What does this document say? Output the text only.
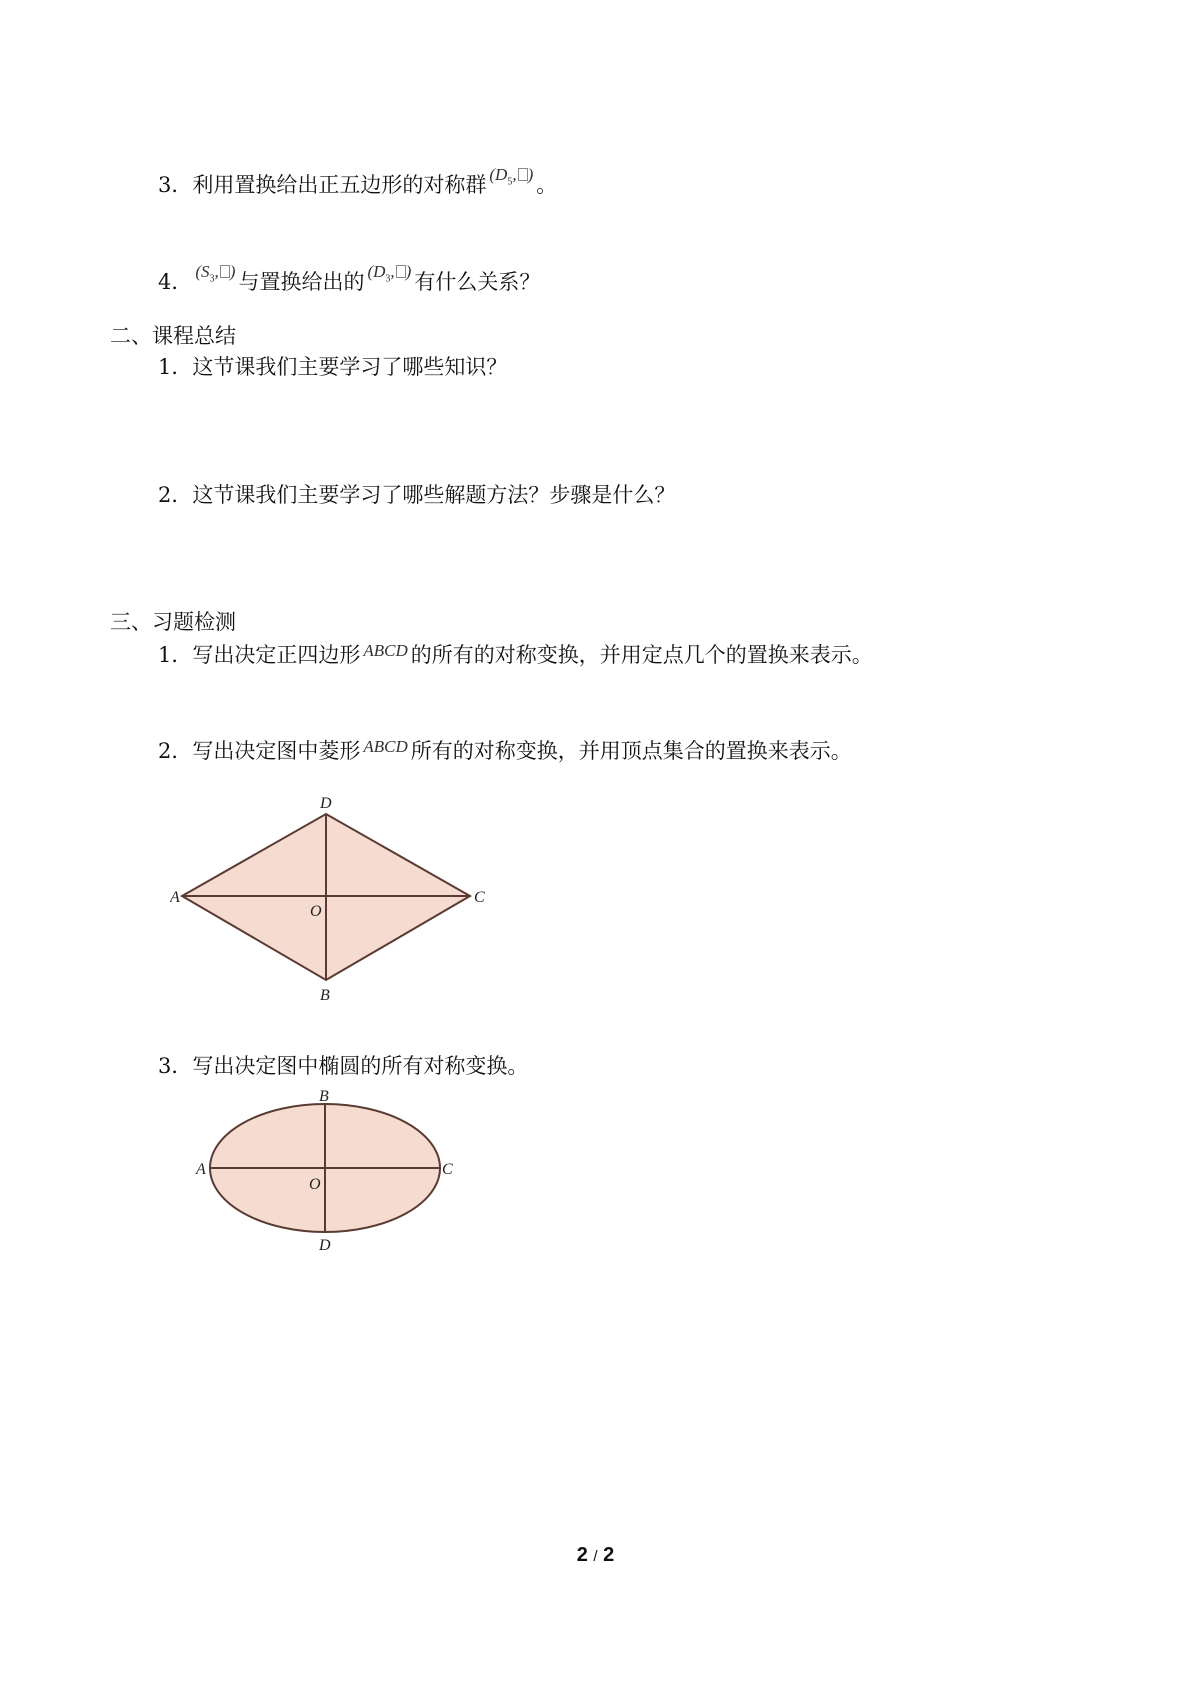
3．利用置换给出正五边形的对称群 ($D_5$, ) 。
4． ($S_3$, ) 与置换给出的 ($D_3$, ) 有什么关系？
二、课程总结
1．这节课我们主要学习了哪些知识？
2．这节课我们主要学习了哪些解题方法？步骤是什么？
三、习题检测
1．写出决定正四边形 ABCD 的所有的对称变换，并用定点几个的置换来表示。
2．写出决定图中菱形 ABCD 所有的对称变换，并用顶点集合的置换来表示。
A	C
D
B
O
3．写出决定图中椭圆的所有对称变换。
A	C
B
D
O
2 / 2
